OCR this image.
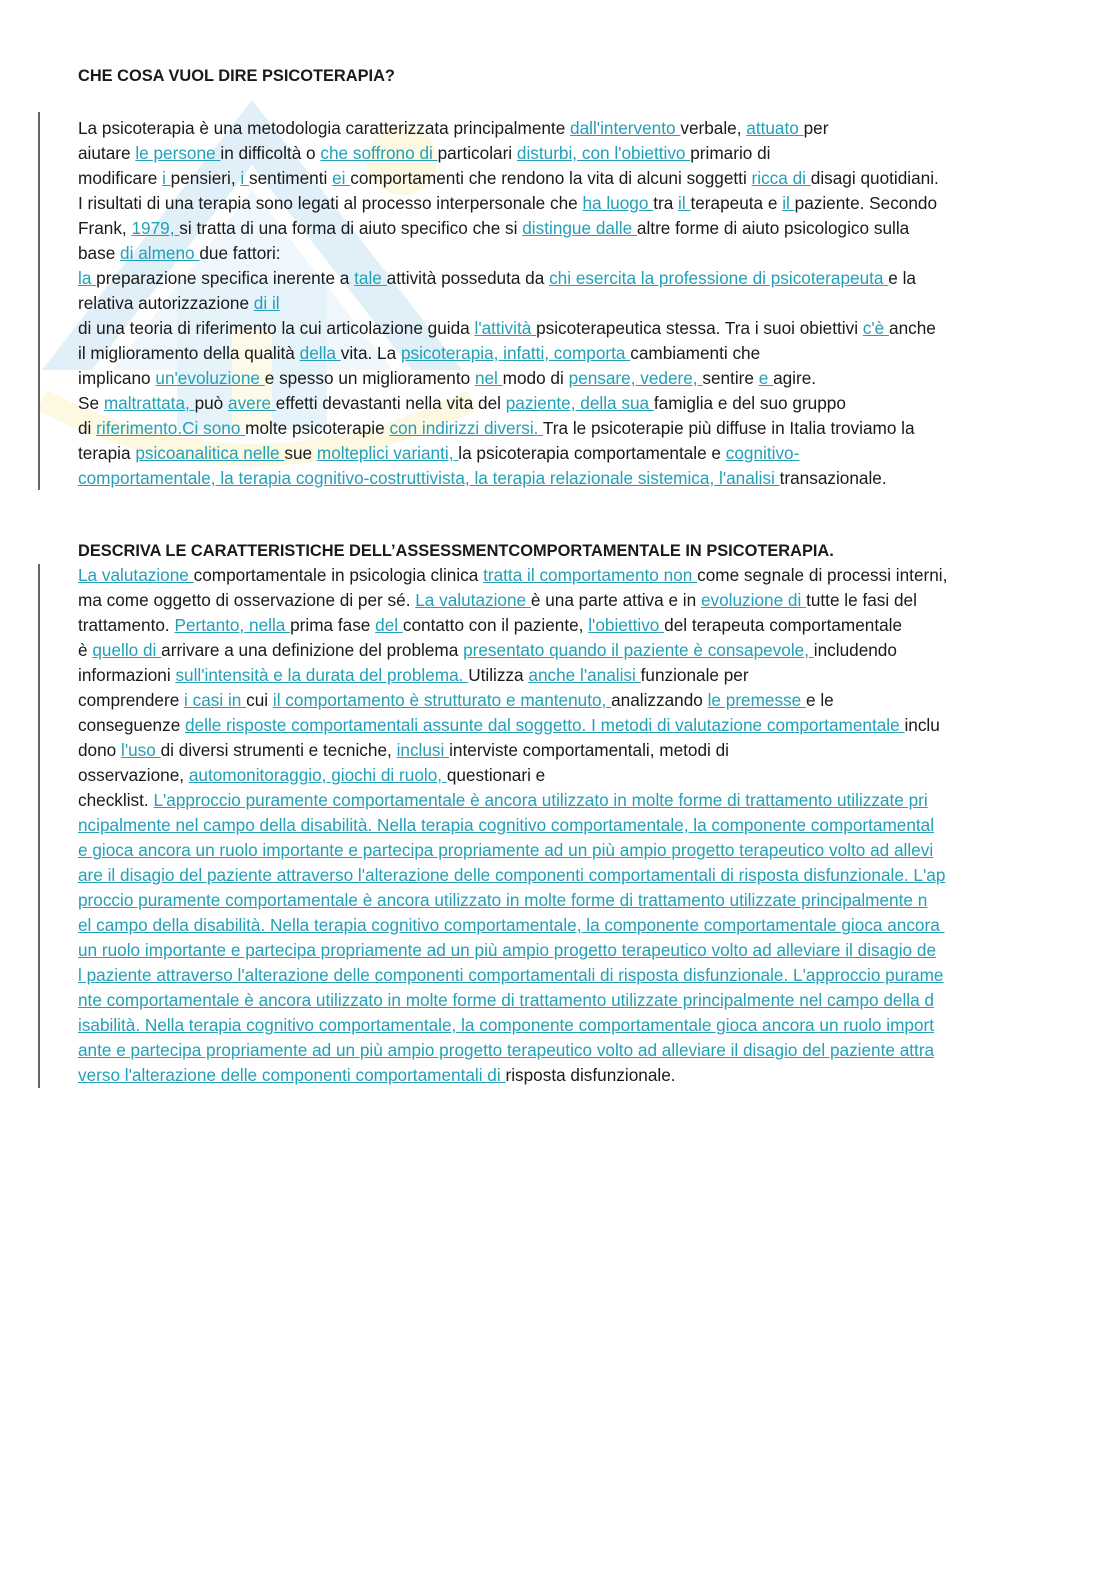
CHE COSA VUOL DIRE PSICOTERAPIA?

La psicoterapia è una metodologia caratterizzata principalmente dall'intervento verbale, attuato per
aiutare le persone in difficoltà o che soffrono di particolari disturbi, con l'obiettivo primario di
modificare i pensieri, i sentimenti ei comportamenti che rendono la vita di alcuni soggetti ricca di disagi quotidiani.
I risultati di una terapia sono legati al processo interpersonale che ha luogo tra il terapeuta e il paziente. Secondo
Frank, 1979, si tratta di una forma di aiuto specifico che si distingue dalle altre forme di aiuto psicologico sulla
base di almeno due fattori:
la preparazione specifica inerente a tale attività posseduta da chi esercita la professione di psicoterapeuta e la
relativa autorizzazione di il
di una teoria di riferimento la cui articolazione guida l'attività psicoterapeutica stessa. Tra i suoi obiettivi c'è anche
il miglioramento della qualità della vita. La psicoterapia, infatti, comporta cambiamenti che
implicano un'evoluzione e spesso un miglioramento nel modo di pensare, vedere, sentire e agire.
Se maltrattata, può avere effetti devastanti nella vita del paziente, della sua famiglia e del suo gruppo
di riferimento.Ci sono molte psicoterapie con indirizzi diversi. Tra le psicoterapie più diffuse in Italia troviamo la
terapia psicoanalitica nelle sue molteplici varianti, la psicoterapia comportamentale e cognitivo-
comportamentale, la terapia cognitivo-costruttivista, la terapia relazionale sistemica, l'analisi transazionale.

DESCRIVA LE CARATTERISTICHE DELL’ASSESSMENTCOMPORTAMENTALE IN PSICOTERAPIA.

La valutazione comportamentale in psicologia clinica tratta il comportamento non come segnale di processi interni,
ma come oggetto di osservazione di per sé. La valutazione è una parte attiva e in evoluzione di tutte le fasi del
trattamento. Pertanto, nella prima fase del contatto con il paziente, l'obiettivo del terapeuta comportamentale
è quello di arrivare a una definizione del problema presentato quando il paziente è consapevole, includendo
informazioni sull'intensità e la durata del problema. Utilizza anche l'analisi funzionale per
comprendere i casi in cui il comportamento è strutturato e mantenuto, analizzando le premesse e le
conseguenze delle risposte comportamentali assunte dal soggetto. I metodi di valutazione comportamentale inclu
dono l'uso di diversi strumenti e tecniche, inclusi interviste comportamentali, metodi di
osservazione, automonitoraggio, giochi di ruolo, questionari e
checklist. L'approccio puramente comportamentale è ancora utilizzato in molte forme di trattamento utilizzate pri
ncipalmente nel campo della disabilità. Nella terapia cognitivo comportamentale, la componente comportamental
e gioca ancora un ruolo importante e partecipa propriamente ad un più ampio progetto terapeutico volto ad allevi
are il disagio del paziente attraverso l'alterazione delle componenti comportamentali di risposta disfunzionale. L'ap
proccio puramente comportamentale è ancora utilizzato in molte forme di trattamento utilizzate principalmente n
el campo della disabilità. Nella terapia cognitivo comportamentale, la componente comportamentale gioca ancora
un ruolo importante e partecipa propriamente ad un più ampio progetto terapeutico volto ad alleviare il disagio de
l paziente attraverso l'alterazione delle componenti comportamentali di risposta disfunzionale. L'approccio purame
nte comportamentale è ancora utilizzato in molte forme di trattamento utilizzate principalmente nel campo della d
isabilità. Nella terapia cognitivo comportamentale, la componente comportamentale gioca ancora un ruolo import
ante e partecipa propriamente ad un più ampio progetto terapeutico volto ad alleviare il disagio del paziente attra
verso l'alterazione delle componenti comportamentali di risposta disfunzionale.
